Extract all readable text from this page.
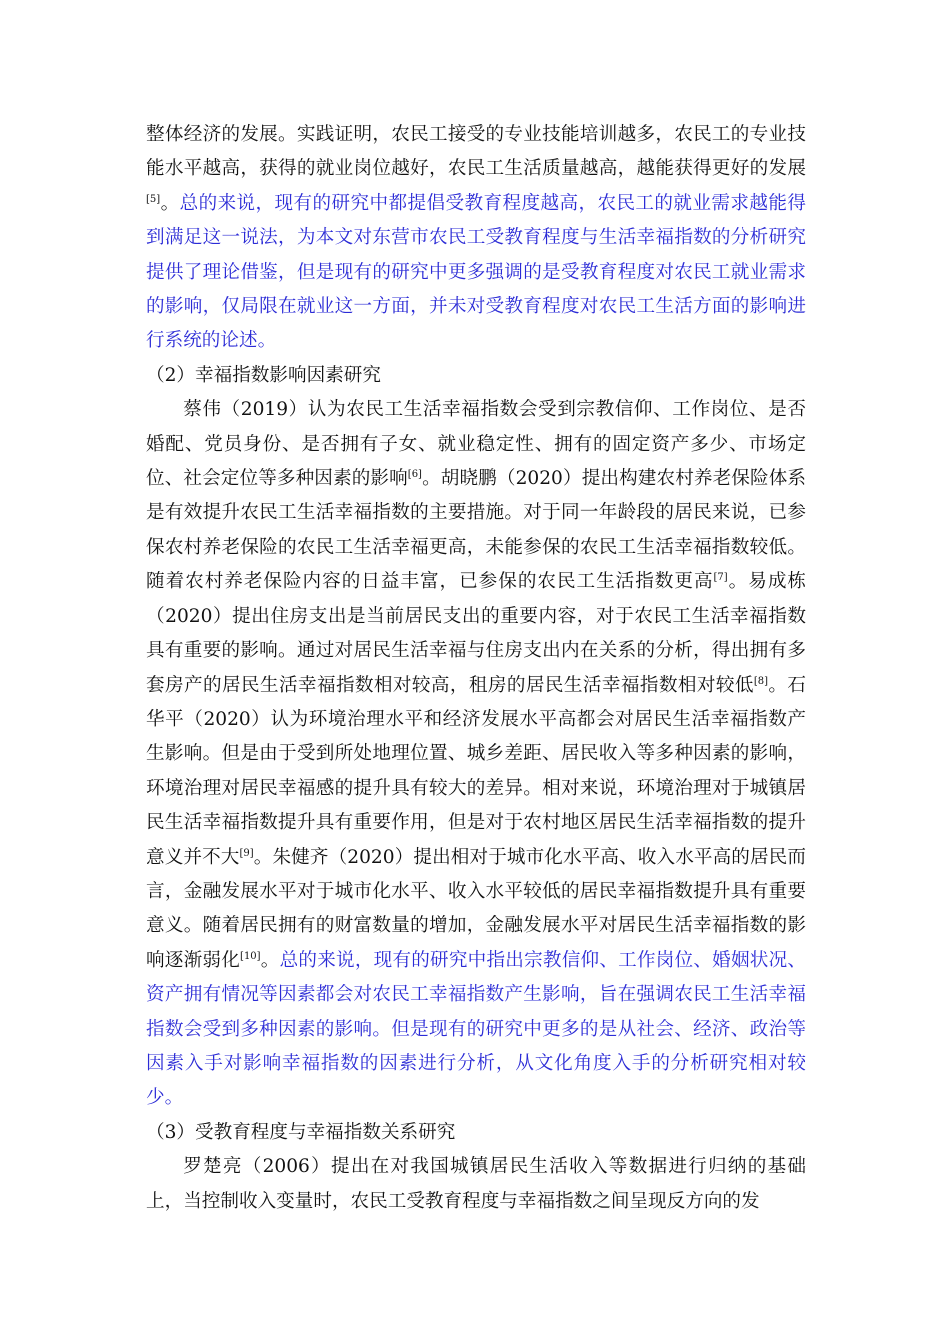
整体经济的发展。实践证明，农民工接受的专业技能培训越多，农民工的专业技能水平越高，获得的就业岗位越好，农民工生活质量越高，越能获得更好的发展[5]。总的来说，现有的研究中都提倡受教育程度越高，农民工的就业需求越能得到满足这一说法，为本文对东营市农民工受教育程度与生活幸福指数的分析研究提供了理论借鉴，但是现有的研究中更多强调的是受教育程度对农民工就业需求的影响，仅局限在就业这一方面，并未对受教育程度对农民工生活方面的影响进行系统的论述。

（2）幸福指数影响因素研究

蔡伟（2019）认为农民工生活幸福指数会受到宗教信仰、工作岗位、是否婚配、党员身份、是否拥有子女、就业稳定性、拥有的固定资产多少、市场定位、社会定位等多种因素的影响[6]。胡晓鹏（2020）提出构建农村养老保险体系是有效提升农民工生活幸福指数的主要措施。对于同一年龄段的居民来说，已参保农村养老保险的农民工生活幸福更高，未能参保的农民工生活幸福指数较低。随着农村养老保险内容的日益丰富，已参保的农民工生活指数更高[7]。易成栋（2020）提出住房支出是当前居民支出的重要内容，对于农民工生活幸福指数具有重要的影响。通过对居民生活幸福与住房支出内在关系的分析，得出拥有多套房产的居民生活幸福指数相对较高，租房的居民生活幸福指数相对较低[8]。石华平（2020）认为环境治理水平和经济发展水平高都会对居民生活幸福指数产生影响。但是由于受到所处地理位置、城乡差距、居民收入等多种因素的影响，环境治理对居民幸福感的提升具有较大的差异。相对来说，环境治理对于城镇居民生活幸福指数提升具有重要作用，但是对于农村地区居民生活幸福指数的提升意义并不大[9]。朱健齐（2020）提出相对于城市化水平高、收入水平高的居民而言，金融发展水平对于城市化水平、收入水平较低的居民幸福指数提升具有重要意义。随着居民拥有的财富数量的增加，金融发展水平对居民生活幸福指数的影响逐渐弱化[10]。总的来说，现有的研究中指出宗教信仰、工作岗位、婚姻状况、资产拥有情况等因素都会对农民工幸福指数产生影响，旨在强调农民工生活幸福指数会受到多种因素的影响。但是现有的研究中更多的是从社会、经济、政治等因素入手对影响幸福指数的因素进行分析，从文化角度入手的分析研究相对较少。

（3）受教育程度与幸福指数关系研究

罗楚亮（2006）提出在对我国城镇居民生活收入等数据进行归纳的基础上，当控制收入变量时，农民工受教育程度与幸福指数之间呈现反方向的发
